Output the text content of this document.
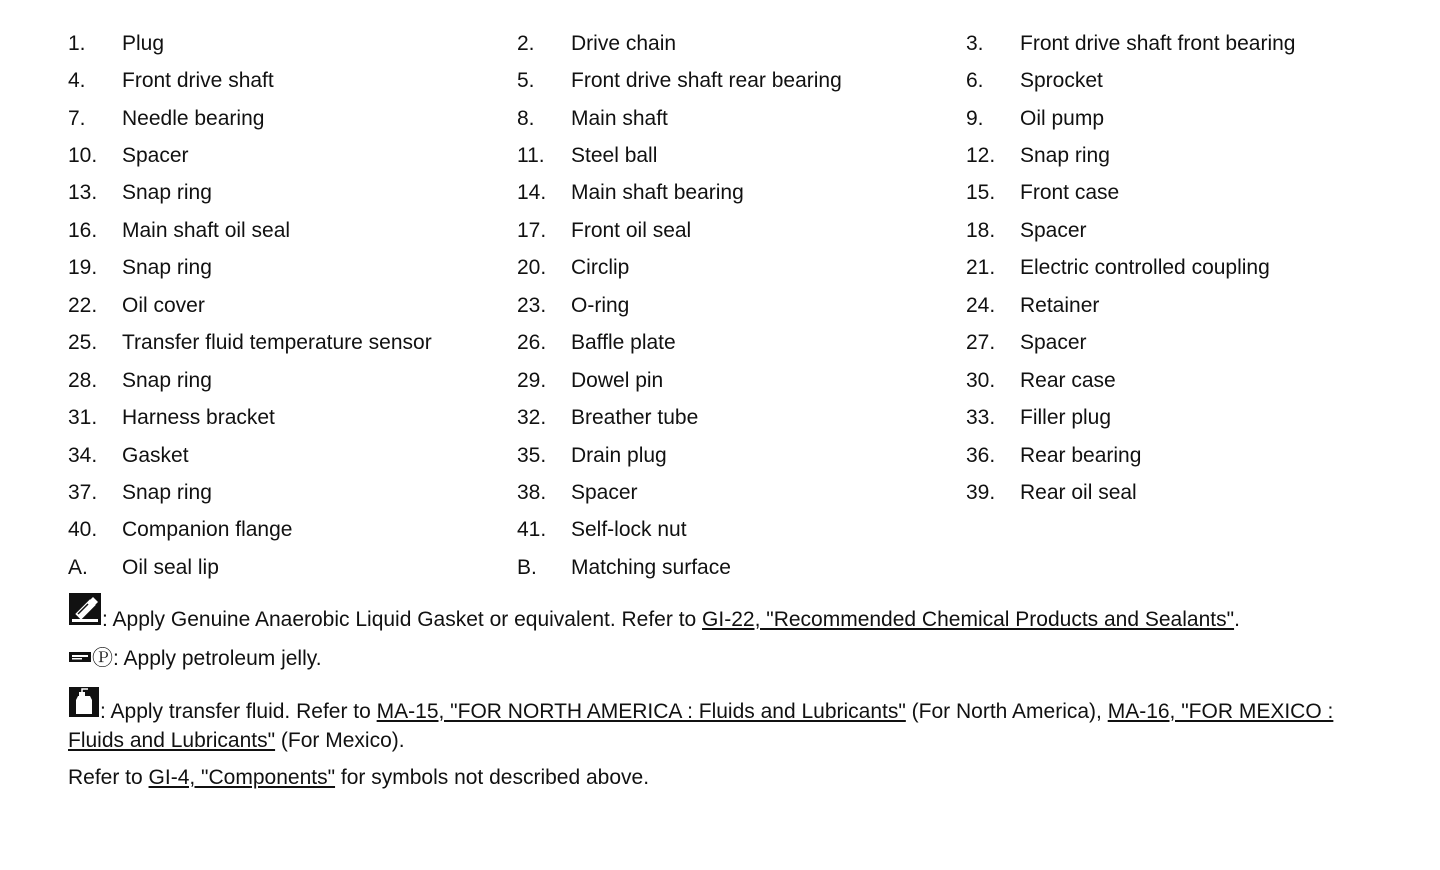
1.	Plug	2.	Drive chain	3.	Front drive shaft front bearing
4.	Front drive shaft	5.	Front drive shaft rear bearing	6.	Sprocket
7.	Needle bearing	8.	Main shaft	9.	Oil pump
10.	Spacer	11.	Steel ball	12.	Snap ring
13.	Snap ring	14.	Main shaft bearing	15.	Front case
16.	Main shaft oil seal	17.	Front oil seal	18.	Spacer
19.	Snap ring	20.	Circlip	21.	Electric controlled coupling
22.	Oil cover	23.	O-ring	24.	Retainer
25.	Transfer fluid temperature sensor	26.	Baffle plate	27.	Spacer
28.	Snap ring	29.	Dowel pin	30.	Rear case
31.	Harness bracket	32.	Breather tube	33.	Filler plug
34.	Gasket	35.	Drain plug	36.	Rear bearing
37.	Snap ring	38.	Spacer	39.	Rear oil seal
40.	Companion flange	41.	Self-lock nut
A.	Oil seal lip	B.	Matching surface
: Apply Genuine Anaerobic Liquid Gasket or equivalent. Refer to GI-22, "Recommended Chemical Products and Sealants".
Ⓟ : Apply petroleum jelly.
: Apply transfer fluid. Refer to MA-15, "FOR NORTH AMERICA : Fluids and Lubricants" (For North America), MA-16, "FOR MEXICO : Fluids and Lubricants" (For Mexico).
Refer to GI-4, "Components" for symbols not described above.
